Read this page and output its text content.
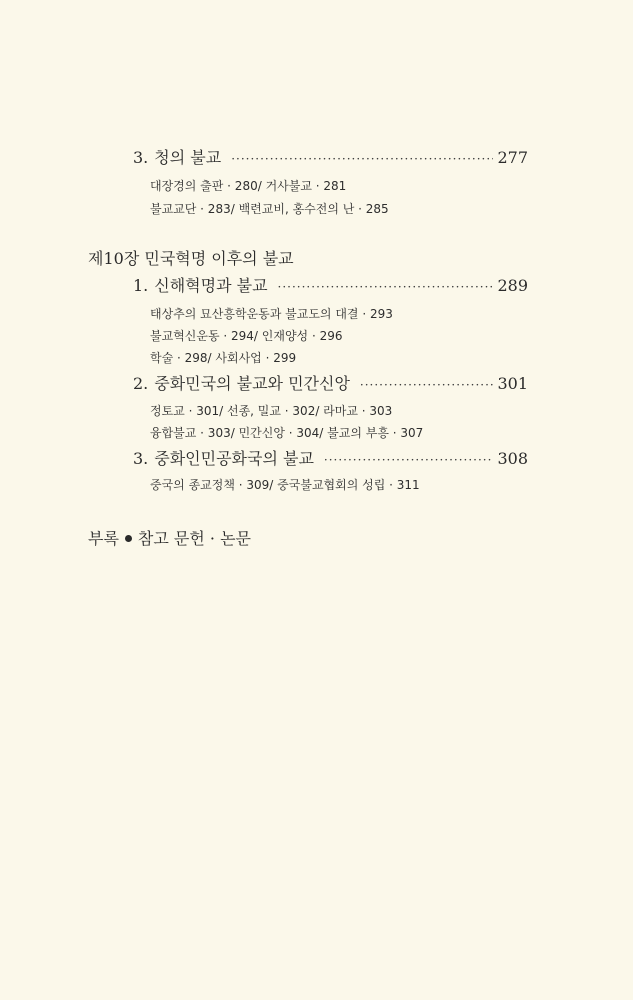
3. 청의 불교 ·····	277
대장경의 출판 · 280/ 거사불교 · 281
불교교단 · 283/ 백련교비, 홍수전의 난 · 285
제10장 민국혁명 이후의 불교
1. 신해혁명과 불교 ·····	289
태상추의 묘산흥학운동과 불교도의 대결 · 293
불교혁신운동 · 294/ 인재양성 · 296
학술 · 298/ 사회사업 · 299
2. 중화민국의 불교와 민간신앙 ·····	301
정토교 · 301/ 선종, 밀교 · 302/ 라마교 · 303
융합불교 · 303/ 민간신앙 · 304/ 불교의 부흥 · 307
3. 중화인민공화국의 불교 ·····	308
중국의 종교정책 · 309/ 중국불교협회의 성립 · 311
부록 참고 문헌 · 논문
